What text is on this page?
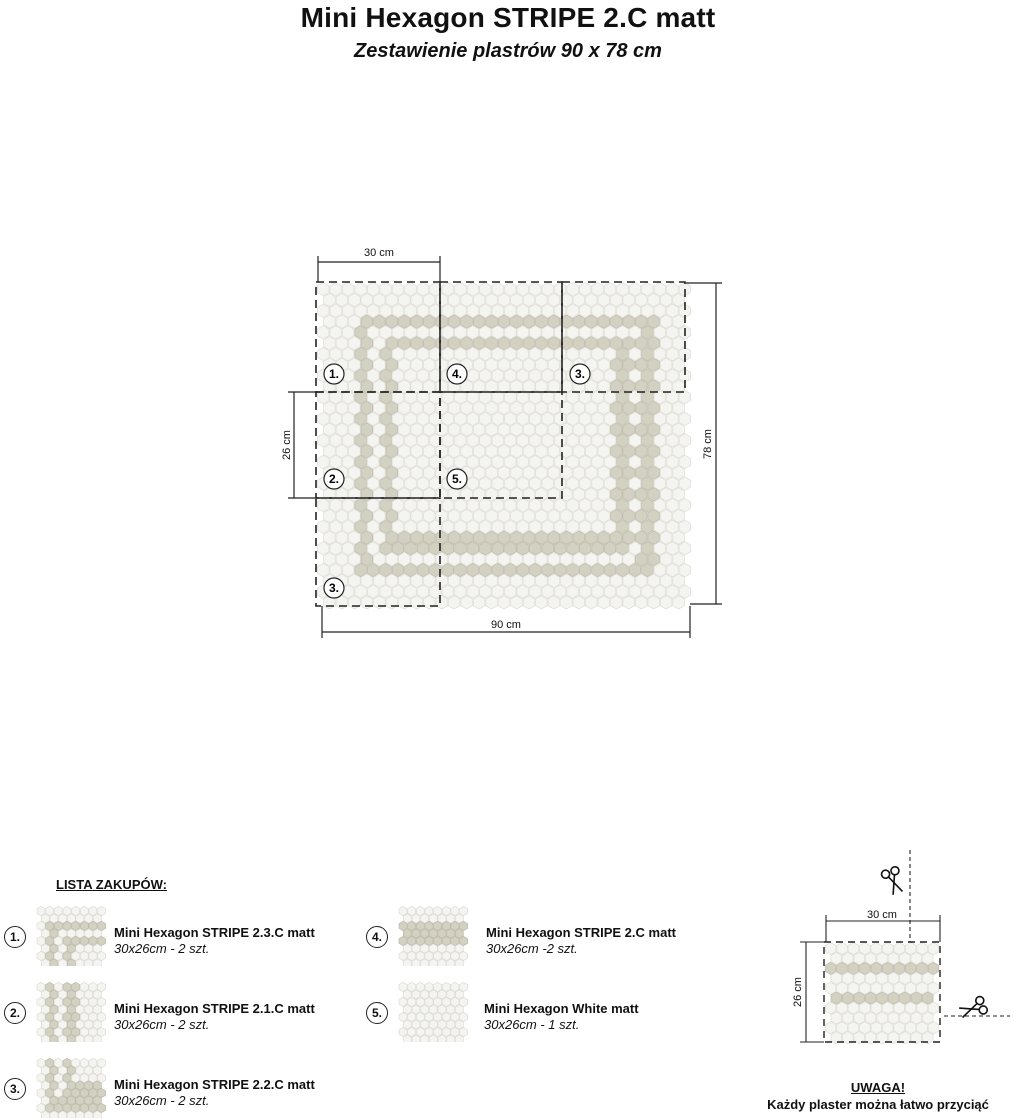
Mini Hexagon STRIPE 2.C matt
Zestawienie plastrów 90 x 78 cm
1.	4.	3.
2.	5.
3.
30 cm
26 cm	78 cm
90 cm
30 cm
26 cm
LISTA ZAKUPÓW:
1.	Mini Hexagon STRIPE 2.3.C matt
30x26cm - 2 szt.
2.	Mini Hexagon STRIPE 2.1.C matt
30x26cm - 2 szt.
3.	Mini Hexagon STRIPE 2.2.C matt
30x26cm - 2 szt.
4.	Mini Hexagon STRIPE 2.C matt
30x26cm -2 szt.
5.	Mini Hexagon White matt
30x26cm - 1 szt.
UWAGA!
Każdy plaster można łatwo przyciąć
